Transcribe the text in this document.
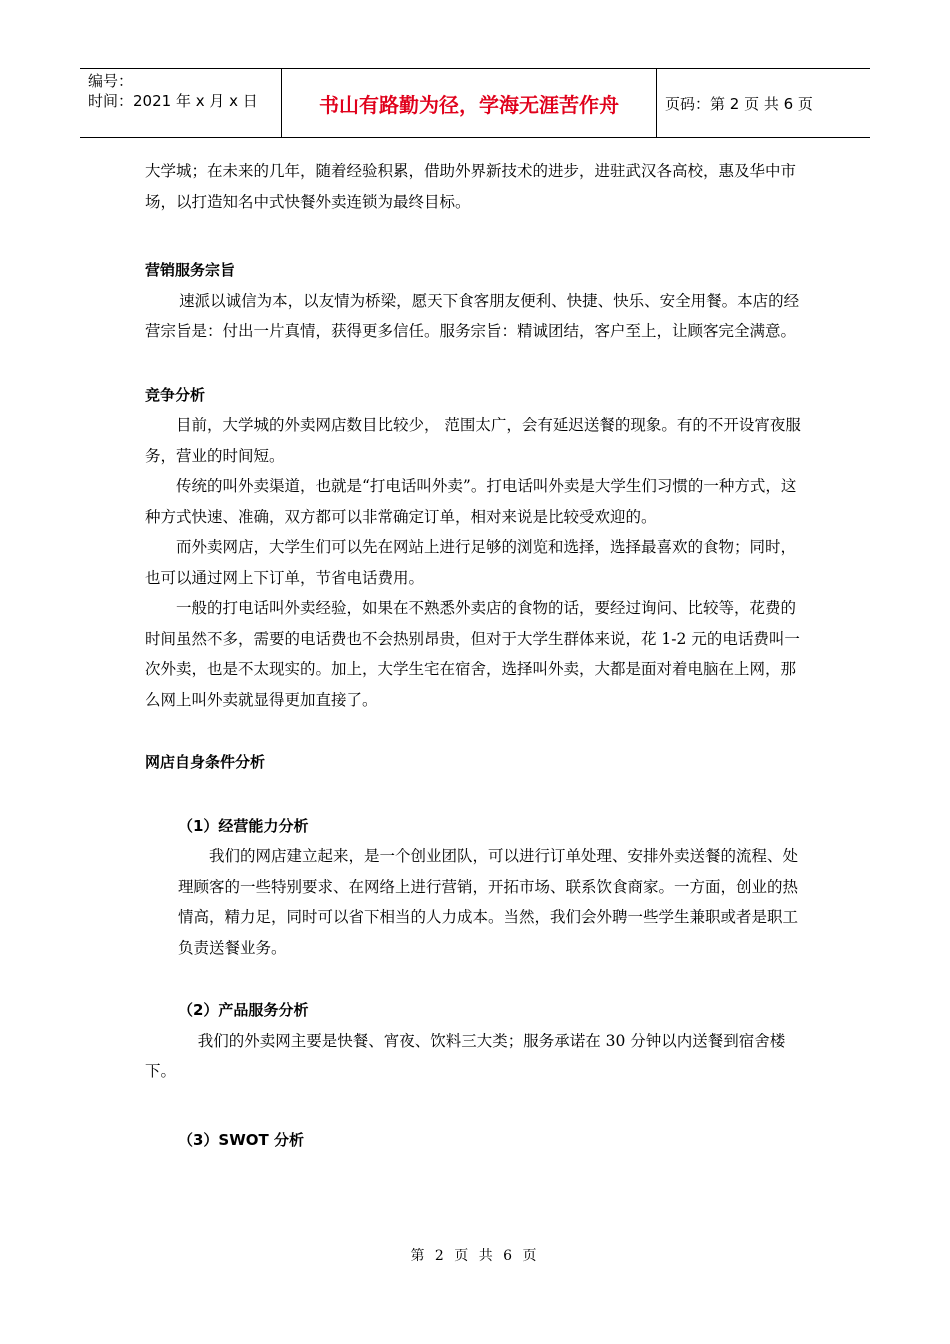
编号：
时间：2021 年 x 月 x 日	书山有路勤为径，学海无涯苦作舟	页码：第 2 页 共 6 页

大学城；在未来的几年，随着经验积累，借助外界新技术的进步，进驻武汉各高校，惠及华中市场，以打造知名中式快餐外卖连锁为最终目标。

营销服务宗旨

速派以诚信为本，以友情为桥梁，愿天下食客朋友便利、快捷、快乐、安全用餐。本店的经营宗旨是：付出一片真情，获得更多信任。服务宗旨：精诚团结，客户至上，让顾客完全满意。

竞争分析

目前，大学城的外卖网店数目比较少， 范围太广，会有延迟送餐的现象。有的不开设宵夜服务，营业的时间短。

传统的叫外卖渠道，也就是“打电话叫外卖”。打电话叫外卖是大学生们习惯的一种方式，这种方式快速、准确，双方都可以非常确定订单，相对来说是比较受欢迎的。

而外卖网店，大学生们可以先在网站上进行足够的浏览和选择，选择最喜欢的食物；同时，也可以通过网上下订单，节省电话费用。

一般的打电话叫外卖经验，如果在不熟悉外卖店的食物的话，要经过询问、比较等，花费的时间虽然不多，需要的电话费也不会热别昂贵，但对于大学生群体来说，花 1-2 元的电话费叫一次外卖，也是不太现实的。加上，大学生宅在宿舍，选择叫外卖，大都是面对着电脑在上网，那么网上叫外卖就显得更加直接了。

网店自身条件分析

（1）经营能力分析

我们的网店建立起来，是一个创业团队，可以进行订单处理、安排外卖送餐的流程、处理顾客的一些特别要求、在网络上进行营销，开拓市场、联系饮食商家。一方面，创业的热情高，精力足，同时可以省下相当的人力成本。当然，我们会外聘一些学生兼职或者是职工负责送餐业务。

（2）产品服务分析

我们的外卖网主要是快餐、宵夜、饮料三大类；服务承诺在 30 分钟以内送餐到宿舍楼下。

（3）SWOT 分析

第 2 页 共 6 页
